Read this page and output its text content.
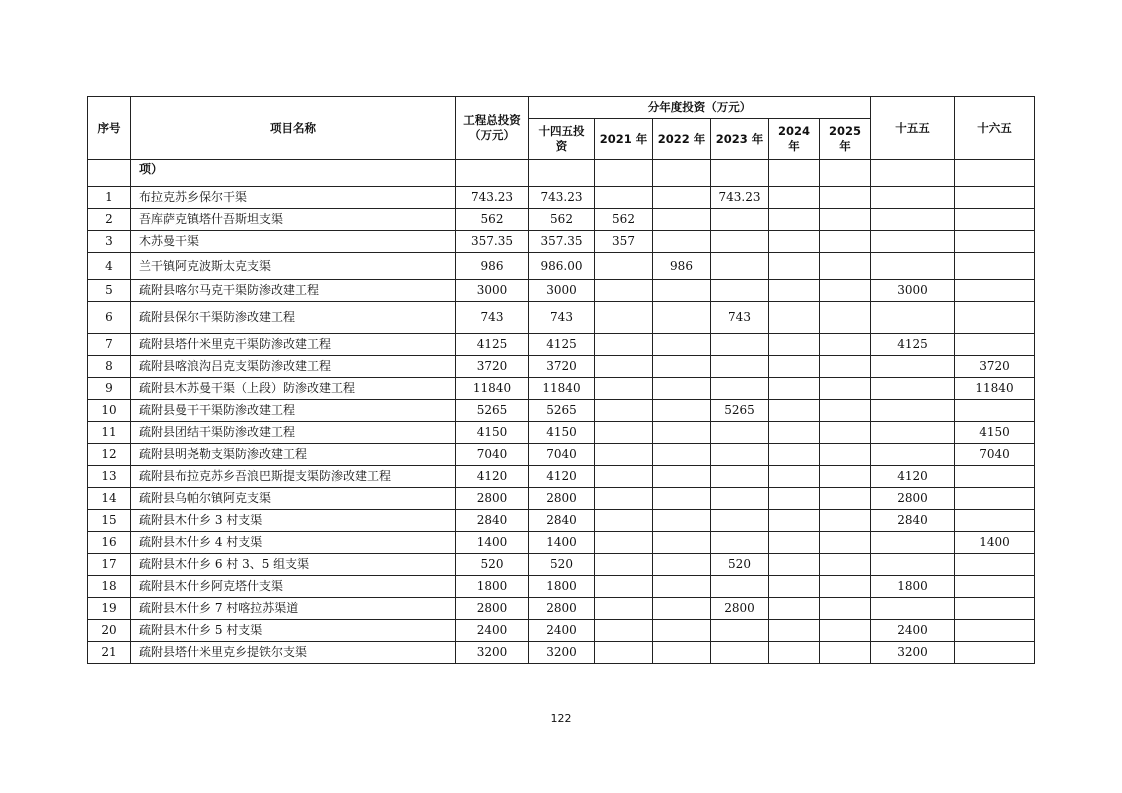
序号	项目名称	工程总投资（万元）	分年度投资（万元）						十五五	十六五
			十四五投资	2021 年	2022 年	2023 年	2024 年	2025 年		
	项）									
1	布拉克苏乡保尔干渠	743.23	743.23			743.23				
2	吾库萨克镇塔什吾斯坦支渠	562	562	562						
3	木苏曼干渠	357.35	357.35	357						
4	兰干镇阿克波斯太克支渠	986	986.00		986					
5	疏附县喀尔马克干渠防渗改建工程	3000	3000						3000	
6	疏附县保尔干渠防渗改建工程	743	743			743				
7	疏附县塔什米里克干渠防渗改建工程	4125	4125						4125	
8	疏附县喀浪沟吕克支渠防渗改建工程	3720	3720							3720
9	疏附县木苏曼干渠（上段）防渗改建工程	11840	11840							11840
10	疏附县曼干干渠防渗改建工程	5265	5265			5265				
11	疏附县团结干渠防渗改建工程	4150	4150							4150
12	疏附县明尧勒支渠防渗改建工程	7040	7040							7040
13	疏附县布拉克苏乡吾浪巴斯提支渠防渗改建工程	4120	4120						4120	
14	疏附县乌帕尔镇阿克支渠	2800	2800						2800	
15	疏附县木什乡 3 村支渠	2840	2840						2840	
16	疏附县木什乡 4 村支渠	1400	1400							1400
17	疏附县木什乡 6 村 3、5 组支渠	520	520			520				
18	疏附县木什乡阿克塔什支渠	1800	1800						1800	
19	疏附县木什乡 7 村喀拉苏渠道	2800	2800			2800				
20	疏附县木什乡 5 村支渠	2400	2400						2400	
21	疏附县塔什米里克乡提铁尔支渠	3200	3200						3200	
122
